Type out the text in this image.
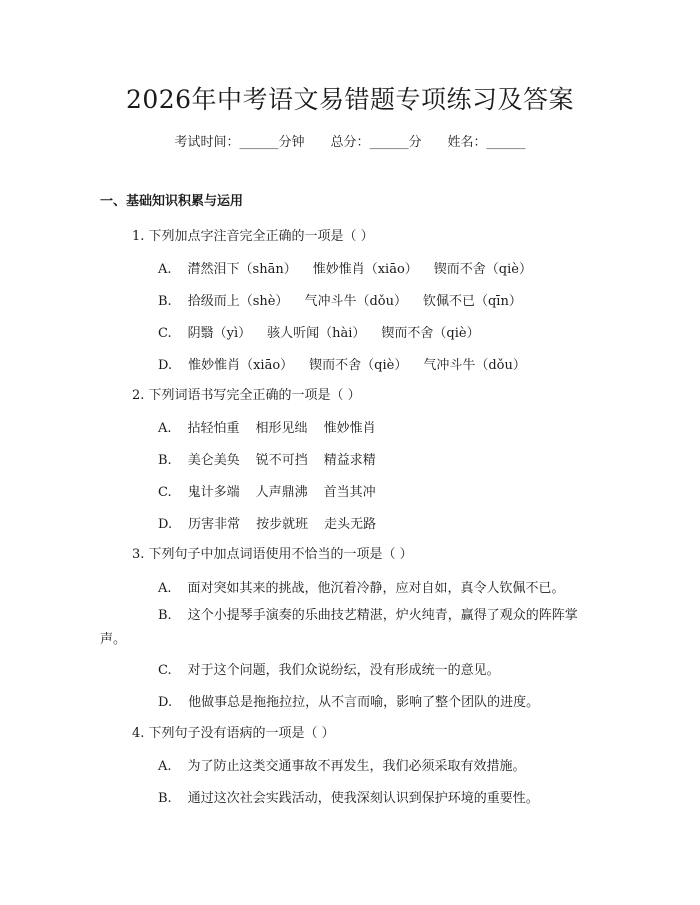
2026年中考语文易错题专项练习及答案
考试时间：______分钟 总分：______分 姓名：______
一、基础知识积累与运用
1. 下列加点字注音完全正确的一项是（ ）
A. 潸然泪下（shān） 惟妙惟肖（xiāo） 锲而不舍（qiè）
B. 拾级而上（shè） 气冲斗牛（dǒu） 钦佩不已（qīn）
C. 阴翳（yì） 骇人听闻（hài） 锲而不舍（qiè）
D. 惟妙惟肖（xiāo） 锲而不舍（qiè） 气冲斗牛（dǒu）
2. 下列词语书写完全正确的一项是（ ）
A. 拈轻怕重 相形见绌 惟妙惟肖
B. 美仑美奂 锐不可挡 精益求精
C. 鬼计多端 人声鼎沸 首当其冲
D. 历害非常 按步就班 走头无路
3. 下列句子中加点词语使用不恰当的一项是（ ）
A. 面对突如其来的挑战，他沉着冷静，应对自如，真令人钦佩不已。
B. 这个小提琴手演奏的乐曲技艺精湛，炉火纯青，赢得了观众的阵阵掌声。
C. 对于这个问题，我们众说纷纭，没有形成统一的意见。
D. 他做事总是拖拖拉拉，从不言而喻，影响了整个团队的进度。
4. 下列句子没有语病的一项是（ ）
A. 为了防止这类交通事故不再发生，我们必须采取有效措施。
B. 通过这次社会实践活动，使我深刻认识到保护环境的重要性。
